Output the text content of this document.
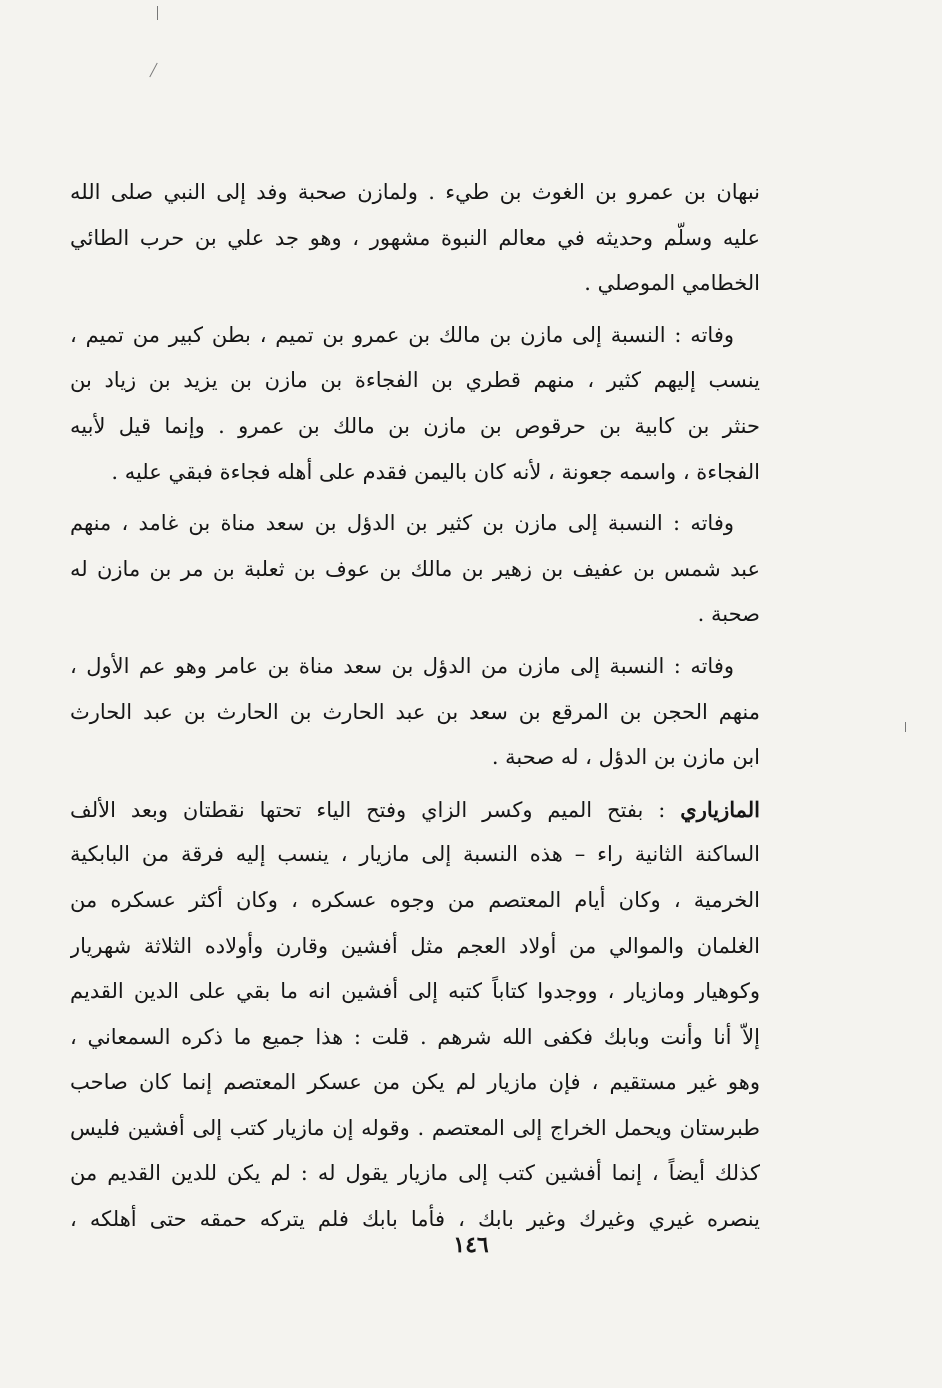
نبهان بن عمرو بن الغوث بن طيء . ولمازن صحبة وفد إلى النبي صلى الله
عليه وسلّم وحديثه في معالم النبوة مشهور ، وهو جد علي بن حرب الطائي
الخطامي الموصلي .
وفاته : النسبة إلى مازن بن مالك بن عمرو بن تميم ، بطن كبير من تميم ،
ينسب إليهم كثير ، منهم قطري بن الفجاءة بن مازن بن يزيد بن زياد بن
حنثر بن كابية بن حرقوص بن مازن بن مالك بن عمرو . وإنما قيل لأبيه
الفجاءة ، واسمه جعونة ، لأنه كان باليمن فقدم على أهله فجاءة فبقي عليه .
وفاته : النسبة إلى مازن بن كثير بن الدؤل بن سعد مناة بن غامد ، منهم
عبد شمس بن عفيف بن زهير بن مالك بن عوف بن ثعلبة بن مر بن مازن له
صحبة .
وفاته : النسبة إلى مازن من الدؤل بن سعد مناة بن عامر وهو عم الأول ،
منهم الحجن بن المرقع بن سعد بن عبد الحارث بن الحارث بن عبد الحارث
ابن مازن بن الدؤل ، له صحبة .
المازياري : بفتح الميم وكسر الزاي وفتح الياء تحتها نقطتان وبعد الألف
الساكنة الثانية راء – هذه النسبة إلى مازيار ، ينسب إليه فرقة من البابكية
الخرمية ، وكان أيام المعتصم من وجوه عسكره ، وكان أكثر عسكره من
الغلمان والموالي من أولاد العجم مثل أفشين وقارن وأولاده الثلاثة شهريار
وكوهيار ومازيار ، ووجدوا كتاباً كتبه إلى أفشين انه ما بقي على الدين القديم
إلاّ أنا وأنت وبابك فكفى الله شرهم . قلت : هذا جميع ما ذكره السمعاني ،
وهو غير مستقيم ، فإن مازيار لم يكن من عسكر المعتصم إنما كان صاحب
طبرستان ويحمل الخراج إلى المعتصم . وقوله إن مازيار كتب إلى أفشين فليس
كذلك أيضاً ، إنما أفشين كتب إلى مازيار يقول له : لم يكن للدين القديم من
ينصره غيري وغيرك وغير بابك ، فأما بابك فلم يتركه حمقه حتى أهلكه ،
١٤٦
